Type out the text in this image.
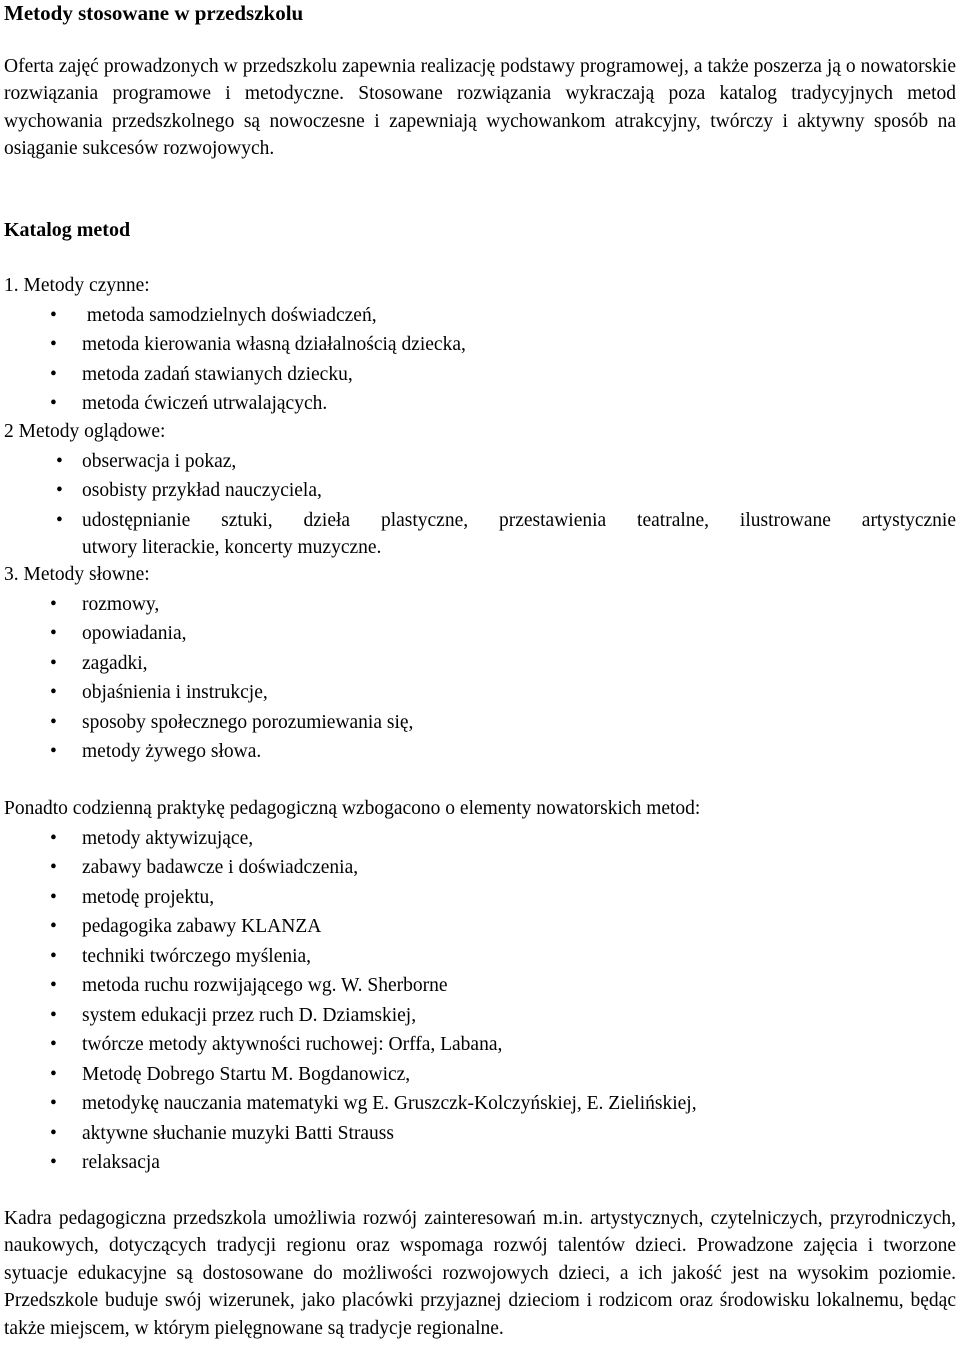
Metody stosowane w przedszkolu

Oferta zajęć prowadzonych w przedszkolu zapewnia realizację podstawy programowej, a także poszerza ją o nowatorskie rozwiązania programowe i metodyczne. Stosowane rozwiązania wykraczają poza katalog tradycyjnych metod wychowania przedszkolnego są nowoczesne i zapewniają wychowankom atrakcyjny, twórczy i aktywny sposób na osiąganie sukcesów rozwojowych.

Katalog metod
1. Metody czynne:
• metoda samodzielnych doświadczeń,
• metoda kierowania własną działalnością dziecka,
• metoda zadań stawianych dziecku,
• metoda ćwiczeń utrwalających.
2 Metody oglądowe:
• obserwacja i pokaz,
• osobisty przykład nauczyciela,
• udostępnianie sztuki, dzieła plastyczne, przestawienia teatralne, ilustrowane artystycznie
utwory literackie, koncerty muzyczne.
3. Metody słowne:
• rozmowy,
• opowiadania,
• zagadki,
• objaśnienia i instrukcje,
• sposoby społecznego porozumiewania się,
• metody żywego słowa.
Ponadto codzienną praktykę pedagogiczną wzbogacono o elementy nowatorskich metod:
• metody aktywizujące,
• zabawy badawcze i doświadczenia,
• metodę projektu,
• pedagogika zabawy KLANZA
• techniki twórczego myślenia,
• metoda ruchu rozwijającego wg. W. Sherborne
• system edukacji przez ruch D. Dziamskiej,
• twórcze metody aktywności ruchowej: Orffa, Labana,
• Metodę Dobrego Startu M. Bogdanowicz,
• metodykę nauczania matematyki wg E. Gruszczk-Kolczyńskiej, E. Zielińskiej,
• aktywne słuchanie muzyki Batti Strauss
• relaksacja

Kadra pedagogiczna przedszkola umożliwia rozwój zainteresowań m.in. artystycznych, czytelniczych, przyrodniczych, naukowych, dotyczących tradycji regionu oraz wspomaga rozwój talentów dzieci. Prowadzone zajęcia i tworzone sytuacje edukacyjne są dostosowane do możliwości rozwojowych dzieci, a ich jakość jest na wysokim poziomie. Przedszkole buduje swój wizerunek, jako placówki przyjaznej dzieciom i rodzicom oraz środowisku lokalnemu, będąc także miejscem, w którym pielęgnowane są tradycje regionalne.
